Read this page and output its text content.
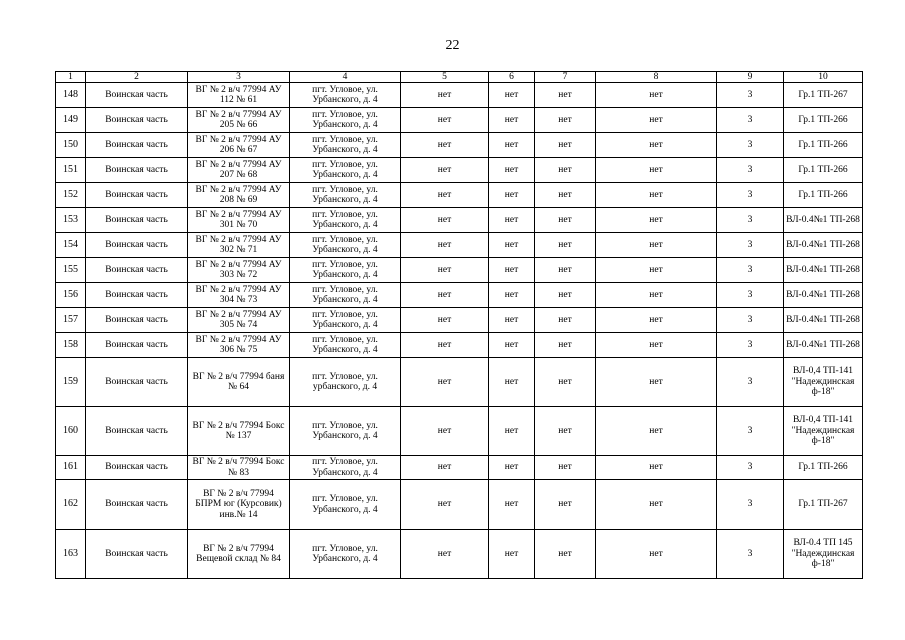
22
1	2	3	4	5	6	7	8	9	10
148	Воинская часть	ВГ № 2 в/ч 77994 АУ 112 № 61	пгт. Угловое, ул. Урбанского, д. 4	нет	нет	нет	нет	3	Гр.1 ТП-267
149	Воинская часть	ВГ № 2 в/ч 77994 АУ 205 № 66	пгт. Угловое, ул. Урбанского, д. 4	нет	нет	нет	нет	3	Гр.1 ТП-266
150	Воинская часть	ВГ № 2 в/ч 77994 АУ 206 № 67	пгт. Угловое, ул. Урбанского, д. 4	нет	нет	нет	нет	3	Гр.1 ТП-266
151	Воинская часть	ВГ № 2 в/ч 77994 АУ 207 № 68	пгт. Угловое, ул. Урбанского, д. 4	нет	нет	нет	нет	3	Гр.1 ТП-266
152	Воинская часть	ВГ № 2 в/ч 77994 АУ 208 № 69	пгт. Угловое, ул. Урбанского, д. 4	нет	нет	нет	нет	3	Гр.1 ТП-266
153	Воинская часть	ВГ № 2 в/ч 77994 АУ 301 № 70	пгт. Угловое, ул. Урбанского, д. 4	нет	нет	нет	нет	3	ВЛ-0.4№1 ТП-268
154	Воинская часть	ВГ № 2 в/ч 77994 АУ 302 № 71	пгт. Угловое, ул. Урбанского, д. 4	нет	нет	нет	нет	3	ВЛ-0.4№1 ТП-268
155	Воинская часть	ВГ № 2 в/ч 77994 АУ 303 № 72	пгт. Угловое, ул. Урбанского, д. 4	нет	нет	нет	нет	3	ВЛ-0.4№1 ТП-268
156	Воинская часть	ВГ № 2 в/ч 77994 АУ 304 № 73	пгт. Угловое, ул. Урбанского, д. 4	нет	нет	нет	нет	3	ВЛ-0.4№1 ТП-268
157	Воинская часть	ВГ № 2 в/ч 77994 АУ 305 № 74	пгт. Угловое, ул. Урбанского, д. 4	нет	нет	нет	нет	3	ВЛ-0.4№1 ТП-268
158	Воинская часть	ВГ № 2 в/ч 77994 АУ 306 № 75	пгт. Угловое, ул. Урбанского, д. 4	нет	нет	нет	нет	3	ВЛ-0.4№1 ТП-268
159	Воинская часть	ВГ № 2 в/ч 77994 баня № 64	пгт. Угловое, ул. урбанского, д. 4	нет	нет	нет	нет	3	ВЛ-0,4 ТП-141 "Надеждинская ф-18"
160	Воинская часть	ВГ № 2 в/ч 77994 Бокс № 137	пгт. Угловое, ул. Урбанского, д. 4	нет	нет	нет	нет	3	ВЛ-0,4 ТП-141 "Надеждинская ф-18"
161	Воинская часть	ВГ № 2 в/ч 77994 Бокс № 83	пгт. Угловое, ул. Урбанского, д. 4	нет	нет	нет	нет	3	Гр.1 ТП-266
162	Воинская часть	ВГ № 2 в/ч 77994 БПРМ юг (Курсовик) инв.№ 14	пгт. Угловое, ул. Урбанского, д. 4	нет	нет	нет	нет	3	Гр.1 ТП-267
163	Воинская часть	ВГ № 2 в/ч 77994 Вещевой склад № 84	пгт. Угловое, ул. Урбанского, д. 4	нет	нет	нет	нет	3	ВЛ-0.4 ТП 145 "Надеждинская ф-18"
